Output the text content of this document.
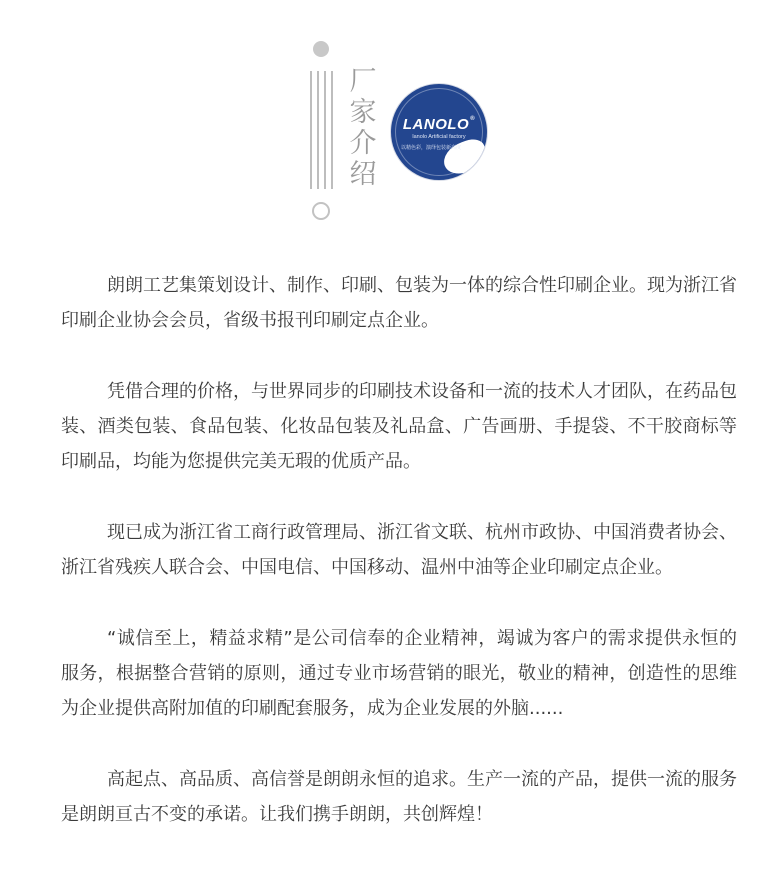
厂家介绍
LANOLO®
lanolo Artificial factory
以精色彩，演绎包装新高度

朗朗工艺集策划设计、制作、印刷、包装为一体的综合性印刷企业。现为浙江省印刷企业协会会员，省级书报刊印刷定点企业。

凭借合理的价格，与世界同步的印刷技术设备和一流的技术人才团队，在药品包装、酒类包装、食品包装、化妆品包装及礼品盒、广告画册、手提袋、不干胶商标等印刷品，均能为您提供完美无瑕的优质产品。

现已成为浙江省工商行政管理局、浙江省文联、杭州市政协、中国消费者协会、浙江省残疾人联合会、中国电信、中国移动、温州中油等企业印刷定点企业。

“诚信至上，精益求精”是公司信奉的企业精神，竭诚为客户的需求提供永恒的服务，根据整合营销的原则，通过专业市场营销的眼光，敬业的精神，创造性的思维为企业提供高附加值的印刷配套服务，成为企业发展的外脑......

高起点、高品质、高信誉是朗朗永恒的追求。生产一流的产品，提供一流的服务是朗朗亘古不变的承诺。让我们携手朗朗，共创辉煌！
